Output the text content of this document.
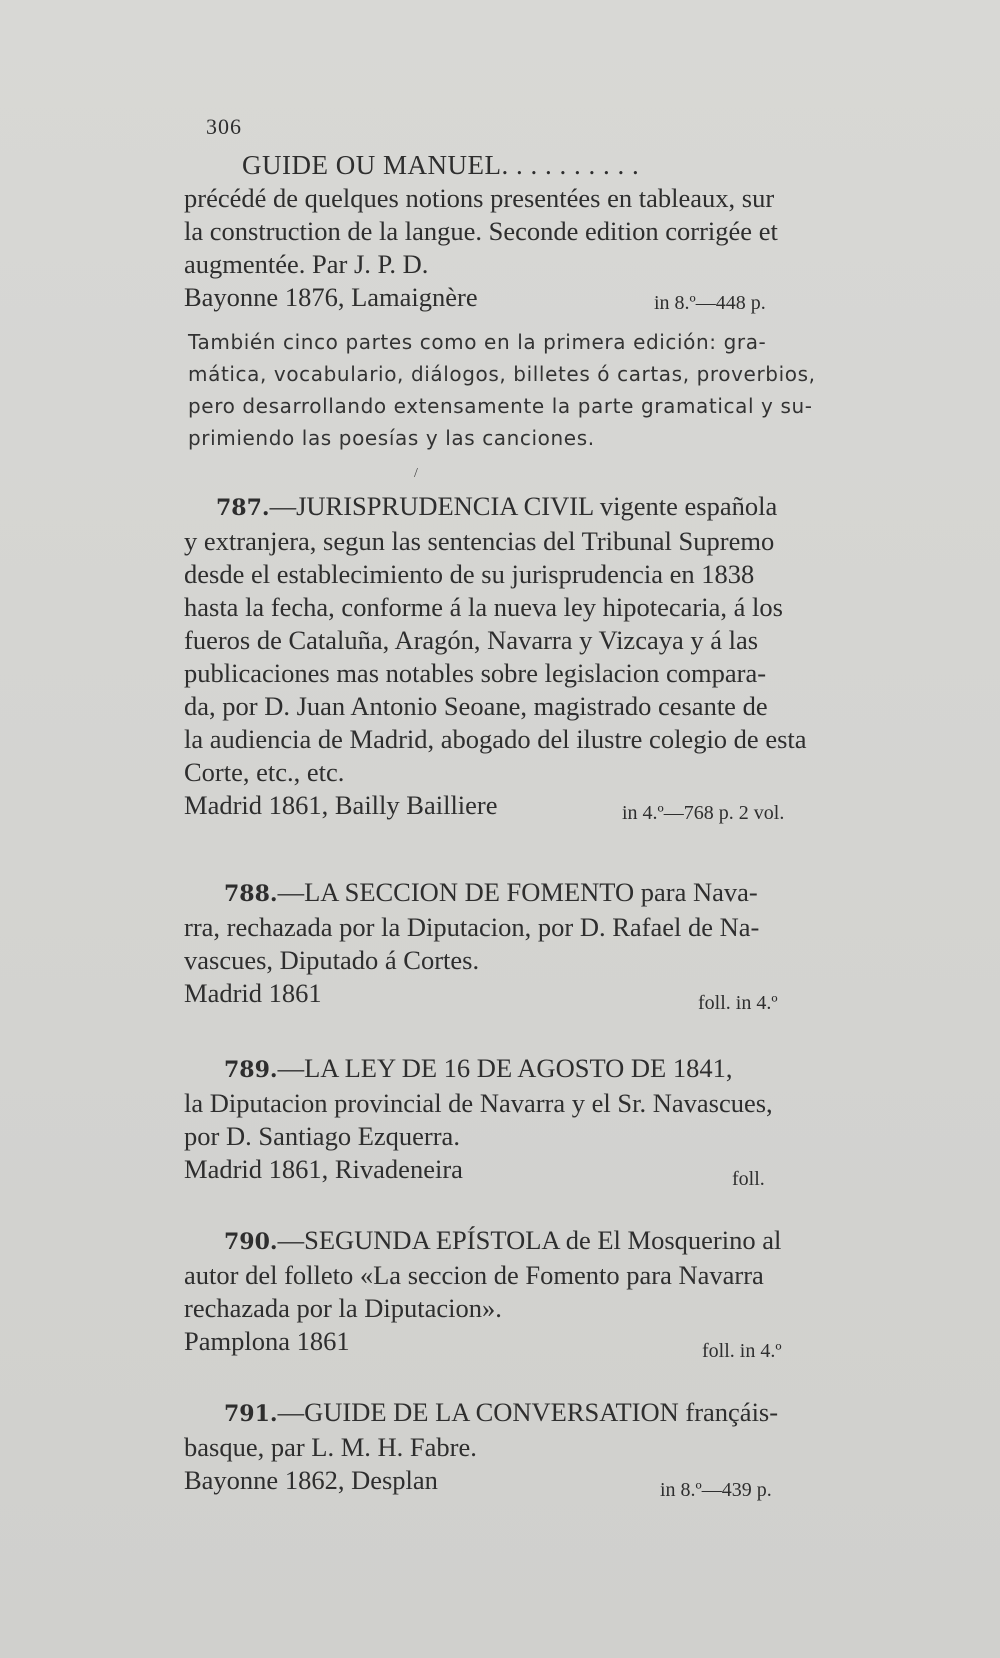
306
GUIDE OU MANUEL. . . . . . . . . .
précédé de quelques notions presentées en tableaux, sur
la construction de la langue. Seconde edition corrigée et
augmentée. Par J. P. D.
Bayonne 1876, Lamaignère	in 8.º—448 p.
También cinco partes como en la primera edición: gra-
mática, vocabulario, diálogos, billetes ó cartas, proverbios,
pero desarrollando extensamente la parte gramatical y su-
primiendo las poesías y las canciones.
/
787.—JURISPRUDENCIA CIVIL vigente española
y extranjera, segun las sentencias del Tribunal Supremo
desde el establecimiento de su jurisprudencia en 1838
hasta la fecha, conforme á la nueva ley hipotecaria, á los
fueros de Cataluña, Aragón, Navarra y Vizcaya y á las
publicaciones mas notables sobre legislacion compara-
da, por D. Juan Antonio Seoane, magistrado cesante de
la audiencia de Madrid, abogado del ilustre colegio de esta
Corte, etc., etc.
Madrid 1861, Bailly Bailliere	in 4.º—768 p. 2 vol.
788.—LA SECCION DE FOMENTO para Nava-
rra, rechazada por la Diputacion, por D. Rafael de Na-
vascues, Diputado á Cortes.
Madrid 1861	foll. in 4.º
789.—LA LEY DE 16 DE AGOSTO DE 1841,
la Diputacion provincial de Navarra y el Sr. Navascues,
por D. Santiago Ezquerra.
Madrid 1861, Rivadeneira	foll.
790.—SEGUNDA EPÍSTOLA de El Mosquerino al
autor del folleto «La seccion de Fomento para Navarra
rechazada por la Diputacion».
Pamplona 1861	foll. in 4.º
791.—GUIDE DE LA CONVERSATION françáis-
basque, par L. M. H. Fabre.
Bayonne 1862, Desplan	in 8.º—439 p.
